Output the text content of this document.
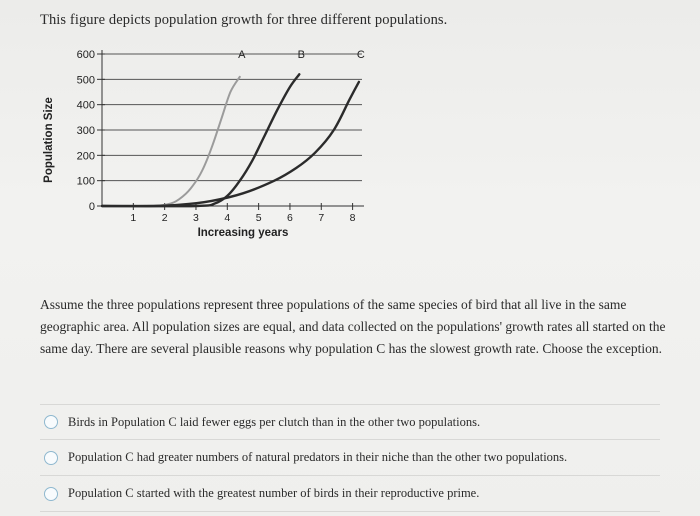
This figure depicts population growth for three different populations.
0
100
200
300
400
500
600
1 2 3 4 5 6 7 8
Increasing years
Population Size
A	B	C
Assume the three populations represent three populations of the same species of bird that all live in the same geographic area. All population sizes are equal, and data collected on the populations' growth rates all started on the same day. There are several plausible reasons why population C has the slowest growth rate. Choose the exception.
Birds in Population C laid fewer eggs per clutch than in the other two populations.
Population C had greater numbers of natural predators in their niche than the other two populations.
Population C started with the greatest number of birds in their reproductive prime.
